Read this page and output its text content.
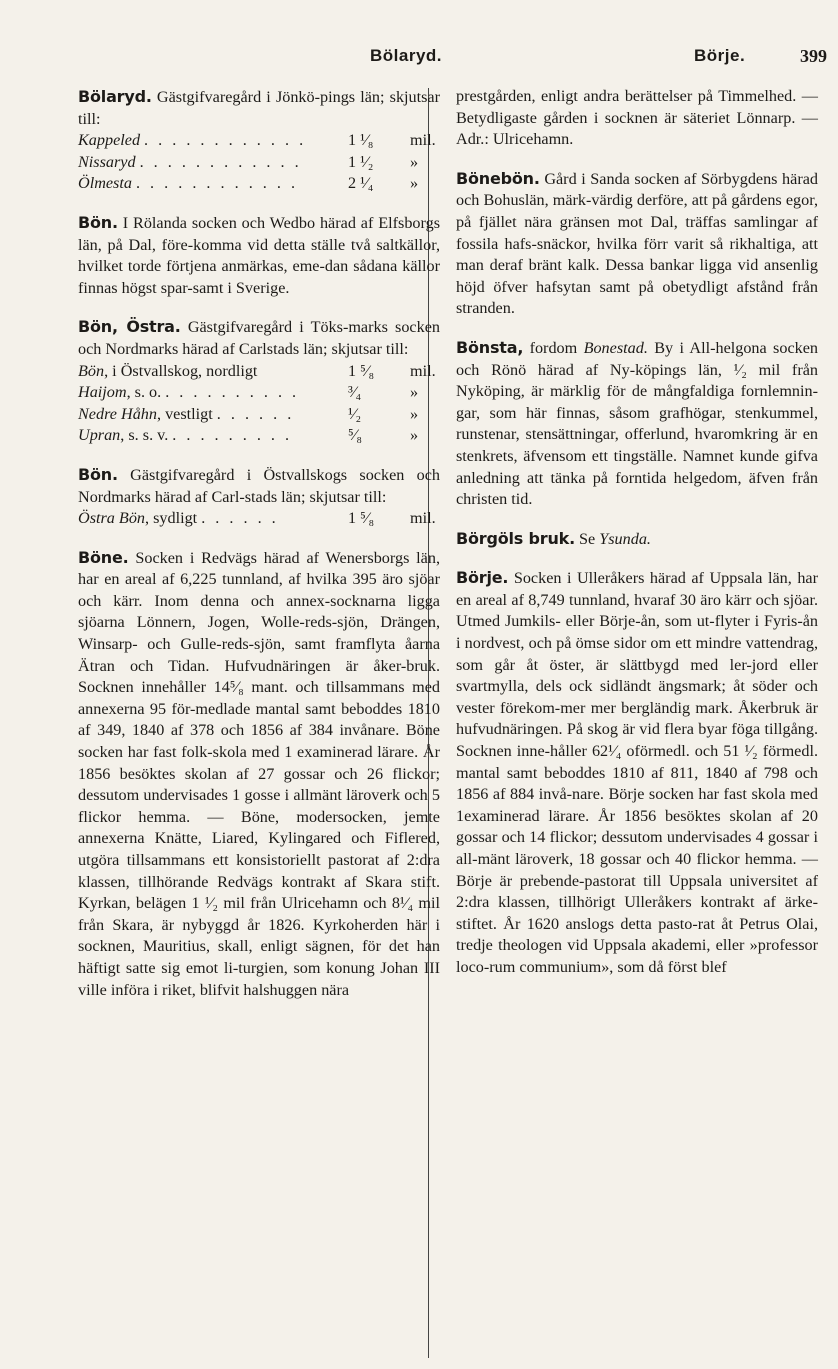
Bölaryd.	Börje.	399
Bölaryd. Gästgifvaregård i Jönkö-pings län; skjutsar till:
Kappeled . . . . . . . . . . . .	1 ¹⁄₈	mil.
Nissaryd . . . . . . . . . . . .	1 ¹⁄₂	»
Ölmesta . . . . . . . . . . . .	2 ¹⁄₄	»
Bön. I Rölanda socken och Wedbo härad af Elfsborgs län, på Dal, före-komma vid detta ställe två saltkällor, hvilket torde förtjena anmärkas, eme-dan sådana källor finnas högst spar-samt i Sverige.
Bön, Östra. Gästgifvaregård i Töks-marks socken och Nordmarks härad af Carlstads län; skjutsar till:
Bön, i Östvallskog, nordligt	1 ⁵⁄₈	mil.
Haijom, s. o. . . . . . . . . . .	³⁄₄	»
Nedre Håhn, vestligt . . . . . .	¹⁄₂	»
Upran, s. s. v. . . . . . . . . .	⁵⁄₈	»
Bön. Gästgifvaregård i Östvallskogs socken och Nordmarks härad af Carl-stads län; skjutsar till:
Östra Bön, sydligt . . . . . .	1 ⁵⁄₈	mil.
Böne. Socken i Redvägs härad af Wenersborgs län, har en areal af 6,225 tunnland, af hvilka 395 äro sjöar och kärr. Inom denna och annex-socknarna ligga sjöarna Lönnern, Jogen, Wolle-reds-sjön, Drängen, Winsarp- och Gulle-reds-sjön, samt framflyta åarna Ätran och Tidan. Hufvudnäringen är åker-bruk. Socknen innehåller 14⁵⁄₈ mant. och tillsammans med annexerna 95 för-medlade mantal samt beboddes 1810 af 349, 1840 af 378 och 1856 af 384 invånare. Böne socken har fast folk-skola med 1 examinerad lärare. År 1856 besöktes skolan af 27 gossar och 26 flickor; dessutom undervisades 1 gosse i allmänt läroverk och 5 flickor hemma. — Böne, modersocken, jemte annexerna Knätte, Liared, Kylingared och Fiflered, utgöra tillsammans ett konsistoriellt pastorat af 2:dra klassen, tillhörande Redvägs kontrakt af Skara stift. Kyrkan, belägen 1 ¹⁄₂ mil från Ulricehamn och 8¹⁄₄ mil från Skara, är nybyggd år 1826. Kyrkoherden här i socknen, Mauritius, skall, enligt sägnen, för det han häftigt satte sig emot li-turgien, som konung Johan III ville införa i riket, blifvit halshuggen nära
prestgården, enligt andra berättelser på Timmelhed. — Betydligaste gården i socknen är säteriet Lönnarp. — Adr.: Ulricehamn.
Bönebön. Gård i Sanda socken af Sörbygdens härad och Bohuslän, märk-värdig derföre, att på gårdens egor, på fjället nära gränsen mot Dal, träffas samlingar af fossila hafs-snäckor, hvilka förr varit så rikhaltiga, att man deraf bränt kalk. Dessa bankar ligga vid ansenlig höjd öfver hafsytan samt på obetydligt afstånd från stranden.
Bönsta, fordom Bonestad. By i All-helgona socken och Rönö härad af Ny-köpings län, ¹⁄₂ mil från Nyköping, är märklig för de mångfaldiga fornlemnin-gar, som här finnas, såsom grafhögar, stenkummel, runstenar, stensättningar, offerlund, hvaromkring är en stenkrets, äfvensom ett tingställe. Namnet kunde gifva anledning att tänka på forntida helgedom, äfven från christen tid.
Börgöls bruk. Se Ysunda.
Börje. Socken i Ulleråkers härad af Uppsala län, har en areal af 8,749 tunnland, hvaraf 30 äro kärr och sjöar. Utmed Jumkils- eller Börje-ån, som ut-flyter i Fyris-ån i nordvest, och på ömse sidor om ett mindre vattendrag, som går åt öster, är slättbygd med ler-jord eller svartmylla, dels ock sidländt ängsmark; åt söder och vester förekom-mer mer bergländig mark. Åkerbruk är hufvudnäringen. På skog är vid flera byar föga tillgång. Socknen inne-håller 62¹⁄₄ oförmedl. och 51 ¹⁄₂ förmedl. mantal samt beboddes 1810 af 811, 1840 af 798 och 1856 af 884 invå-nare. Börje socken har fast skola med 1examinerad lärare. År 1856 besöktes skolan af 20 gossar och 14 flickor; dessutom undervisades 4 gossar i all-mänt läroverk, 18 gossar och 40 flickor hemma. — Börje är prebende-pastorat till Uppsala universitet af 2:dra klassen, tillhörigt Ulleråkers kontrakt af ärke-stiftet. År 1620 anslogs detta pasto-rat åt Petrus Olai, tredje theologen vid Uppsala akademi, eller »professor loco-rum communium», som då först blef
